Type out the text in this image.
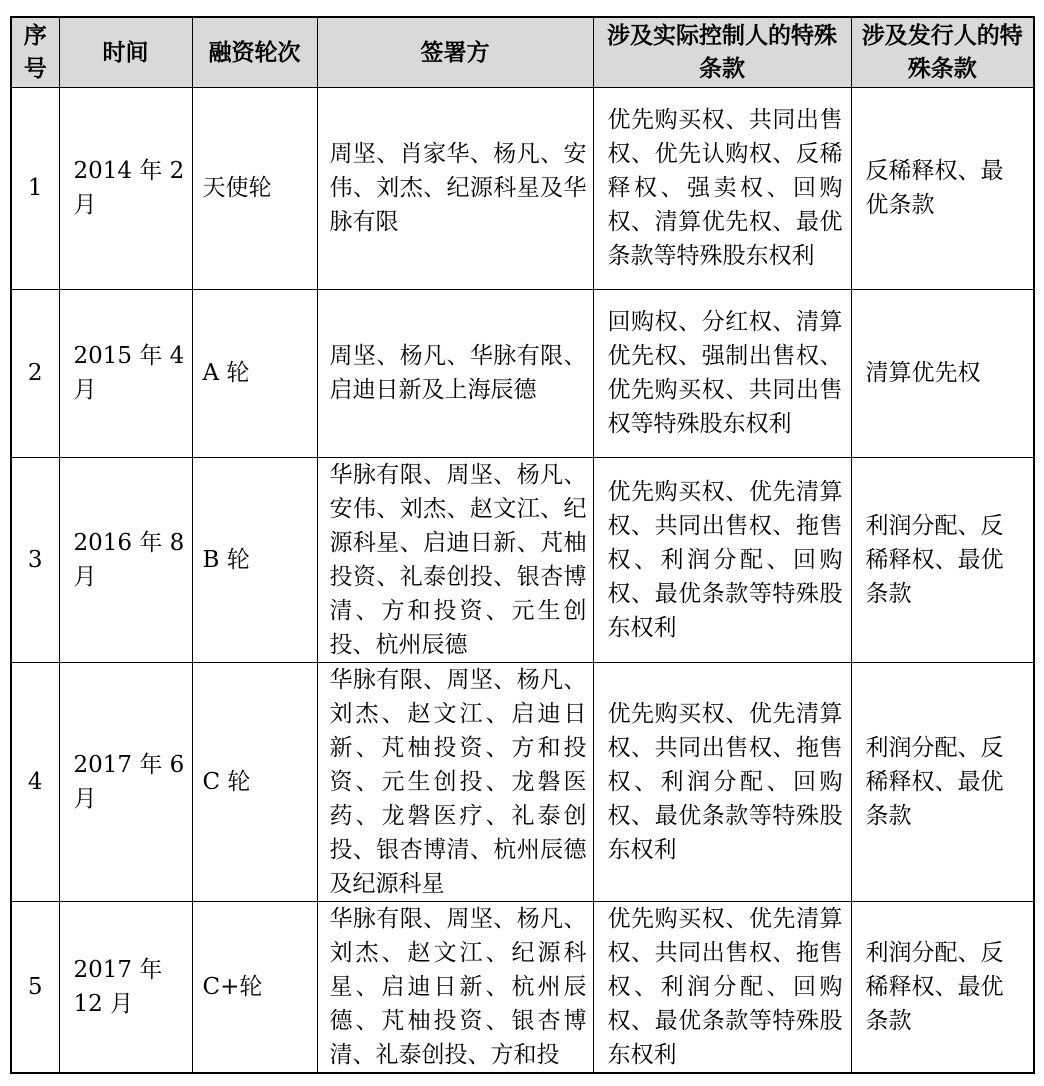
序号	时间	融资轮次	签署方	涉及实际控制人的特殊条款	涉及发行人的特殊条款
1	2014 年 2 月	天使轮	周坚、肖家华、杨凡、安伟、刘杰、纪源科星及华脉有限	优先购买权、共同出售权、优先认购权、反稀释权、强卖权、回购权、清算优先权、最优条款等特殊股东权利	反稀释权、最优条款
2	2015 年 4 月	A 轮	周坚、杨凡、华脉有限、启迪日新及上海辰德	回购权、分红权、清算优先权、强制出售权、优先购买权、共同出售权等特殊股东权利	清算优先权
3	2016 年 8 月	B 轮	华脉有限、周坚、杨凡、安伟、刘杰、赵文江、纪源科星、启迪日新、芃柚投资、礼泰创投、银杏博清、方和投资、元生创投、杭州辰德	优先购买权、优先清算权、共同出售权、拖售权、利润分配、回购权、最优条款等特殊股东权利	利润分配、反稀释权、最优条款
4	2017 年 6 月	C 轮	华脉有限、周坚、杨凡、刘杰、赵文江、启迪日新、芃柚投资、方和投资、元生创投、龙磐医药、龙磐医疗、礼泰创投、银杏博清、杭州辰德及纪源科星	优先购买权、优先清算权、共同出售权、拖售权、利润分配、回购权、最优条款等特殊股东权利	利润分配、反稀释权、最优条款
5	2017 年 12 月	C+轮	华脉有限、周坚、杨凡、刘杰、赵文江、纪源科星、启迪日新、杭州辰德、芃柚投资、银杏博清、礼泰创投、方和投	优先购买权、优先清算权、共同出售权、拖售权、利润分配、回购权、最优条款等特殊股东权利	利润分配、反稀释权、最优条款
